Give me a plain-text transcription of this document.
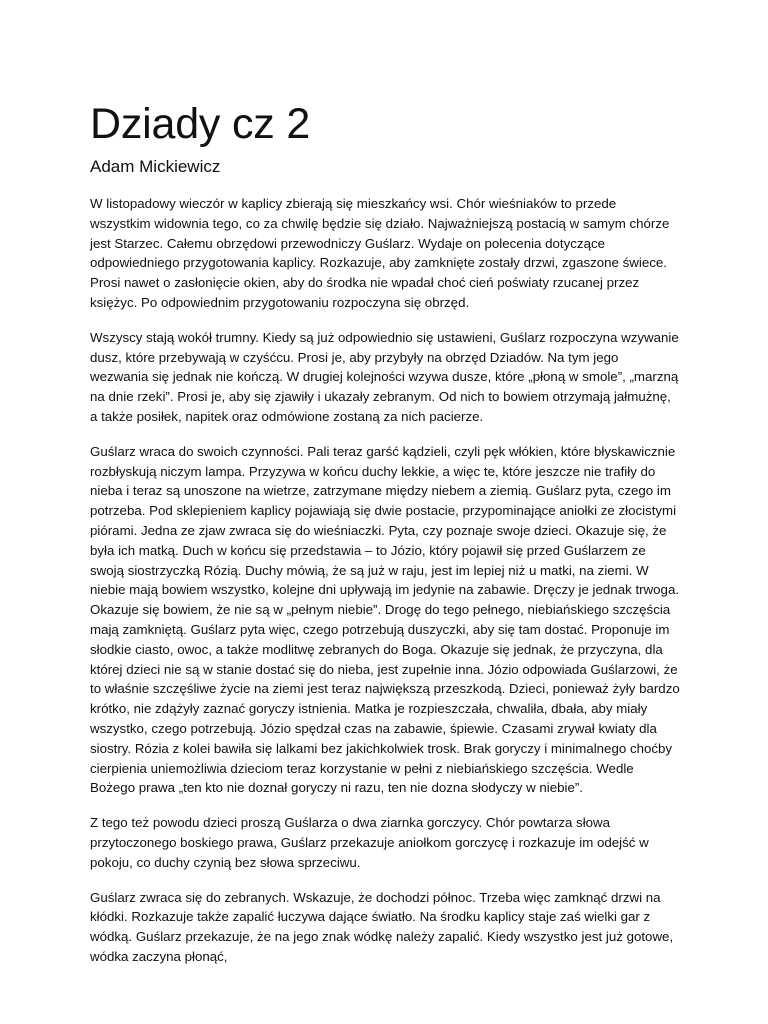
Dziady cz 2
Adam Mickiewicz

W listopadowy wieczór w kaplicy zbierają się mieszkańcy wsi. Chór wieśniaków to przede wszystkim widownia tego, co za chwilę będzie się działo. Najważniejszą postacią w samym chórze jest Starzec. Całemu obrzędowi przewodniczy Guślarz. Wydaje on polecenia dotyczące odpowiedniego przygotowania kaplicy. Rozkazuje, aby zamknięte zostały drzwi, zgaszone świece. Prosi nawet o zasłonięcie okien, aby do środka nie wpadał choć cień poświaty rzucanej przez księżyc. Po odpowiednim przygotowaniu rozpoczyna się obrzęd.

Wszyscy stają wokół trumny. Kiedy są już odpowiednio się ustawieni, Guślarz rozpoczyna wzywanie dusz, które przebywają w czyśćcu. Prosi je, aby przybyły na obrzęd Dziadów. Na tym jego wezwania się jednak nie kończą. W drugiej kolejności wzywa dusze, które „płoną w smole”, „marzną na dnie rzeki”. Prosi je, aby się zjawiły i ukazały zebranym. Od nich to bowiem otrzymają jałmużnę, a także posiłek, napitek oraz odmówione zostaną za nich pacierze.

Guślarz wraca do swoich czynności. Pali teraz garść kądzieli, czyli pęk włókien, które błyskawicznie rozbłyskują niczym lampa. Przyzywa w końcu duchy lekkie, a więc te, które jeszcze nie trafiły do nieba i teraz są unoszone na wietrze, zatrzymane między niebem a ziemią. Guślarz pyta, czego im potrzeba. Pod sklepieniem kaplicy pojawiają się dwie postacie, przypominające aniołki ze złocistymi piórami. Jedna ze zjaw zwraca się do wieśniaczki. Pyta, czy poznaje swoje dzieci. Okazuje się, że była ich matką. Duch w końcu się przedstawia – to Józio, który pojawił się przed Guślarzem ze swoją siostrzyczką Rózią. Duchy mówią, że są już w raju, jest im lepiej niż u matki, na ziemi. W niebie mają bowiem wszystko, kolejne dni upływają im jedynie na zabawie. Dręczy je jednak trwoga. Okazuje się bowiem, że nie są w „pełnym niebie”. Drogę do tego pełnego, niebiańskiego szczęścia mają zamkniętą. Guślarz pyta więc, czego potrzebują duszyczki, aby się tam dostać. Proponuje im słodkie ciasto, owoc, a także modlitwę zebranych do Boga. Okazuje się jednak, że przyczyna, dla której dzieci nie są w stanie dostać się do nieba, jest zupełnie inna. Józio odpowiada Guślarzowi, że to właśnie szczęśliwe życie na ziemi jest teraz największą przeszkodą. Dzieci, ponieważ żyły bardzo krótko, nie zdążyły zaznać goryczy istnienia. Matka je rozpieszczała, chwaliła, dbała, aby miały wszystko, czego potrzebują. Józio spędzał czas na zabawie, śpiewie. Czasami zrywał kwiaty dla siostry. Rózia z kolei bawiła się lalkami bez jakichkolwiek trosk. Brak goryczy i minimalnego choćby cierpienia uniemożliwia dzieciom teraz korzystanie w pełni z niebiańskiego szczęścia. Wedle Bożego prawa „ten kto nie doznał goryczy ni razu, ten nie dozna słodyczy w niebie”.

Z tego też powodu dzieci proszą Guślarza o dwa ziarnka gorczycy. Chór powtarza słowa przytoczonego boskiego prawa, Guślarz przekazuje aniołkom gorczycę i rozkazuje im odejść w pokoju, co duchy czynią bez słowa sprzeciwu.

Guślarz zwraca się do zebranych. Wskazuje, że dochodzi północ. Trzeba więc zamknąć drzwi na kłódki. Rozkazuje także zapalić łuczywa dające światło. Na środku kaplicy staje zaś wielki gar z wódką. Guślarz przekazuje, że na jego znak wódkę należy zapalić. Kiedy wszystko jest już gotowe, wódka zaczyna płonąć,
